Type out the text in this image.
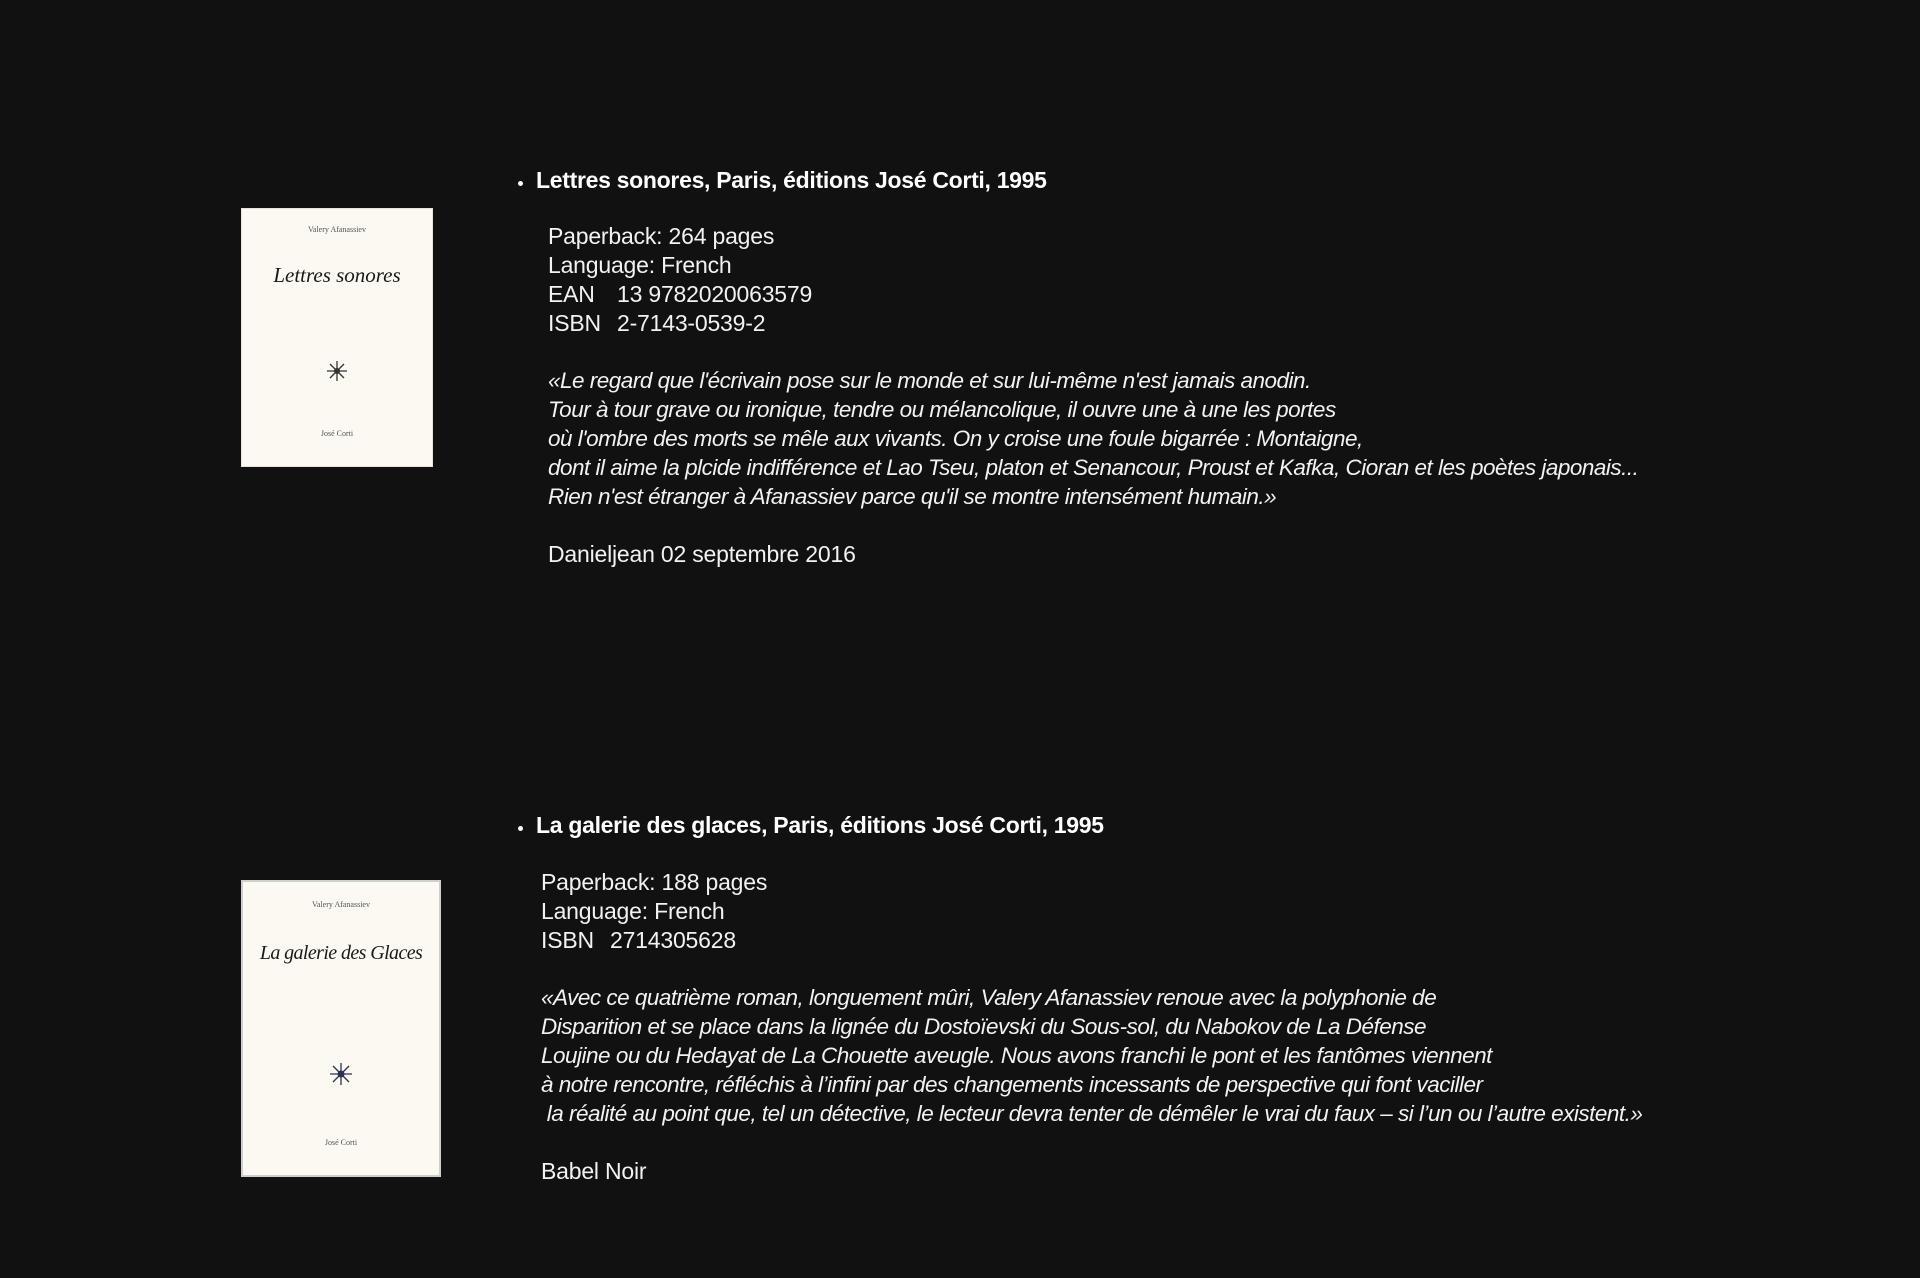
Valery Afanassiev
Lettres sonores
José Corti
Lettres sonores, Paris, éditions José Corti, 1995
Paperback: 264 pages
Language: French
EAN 13 9782020063579
ISBN 2-7143-0539-2
«Le regard que l'écrivain pose sur le monde et sur lui-même n'est jamais anodin.
Tour à tour grave ou ironique, tendre ou mélancolique, il ouvre une à une les portes
où l'ombre des morts se mêle aux vivants. On y croise une foule bigarrée : Montaigne,
dont il aime la plcide indifférence et Lao Tseu, platon et Senancour, Proust et Kafka, Cioran et les poètes japonais...
Rien n'est étranger à Afanassiev parce qu'il se montre intensément humain.»
Danieljean 02 septembre 2016
Valery Afanassiev
La galerie des Glaces
José Corti
La galerie des glaces, Paris, éditions José Corti, 1995
Paperback: 188 pages
Language: French
ISBN 2714305628
«Avec ce quatrième roman, longuement mûri, Valery Afanassiev renoue avec la polyphonie de
Disparition et se place dans la lignée du Dostoïevski du Sous-sol, du Nabokov de La Défense
Loujine ou du Hedayat de La Chouette aveugle. Nous avons franchi le pont et les fantômes viennent
à notre rencontre, réfléchis à l’infini par des changements incessants de perspective qui font vaciller
la réalité au point que, tel un détective, le lecteur devra tenter de démêler le vrai du faux – si l’un ou l’autre existent.»
Babel Noir
